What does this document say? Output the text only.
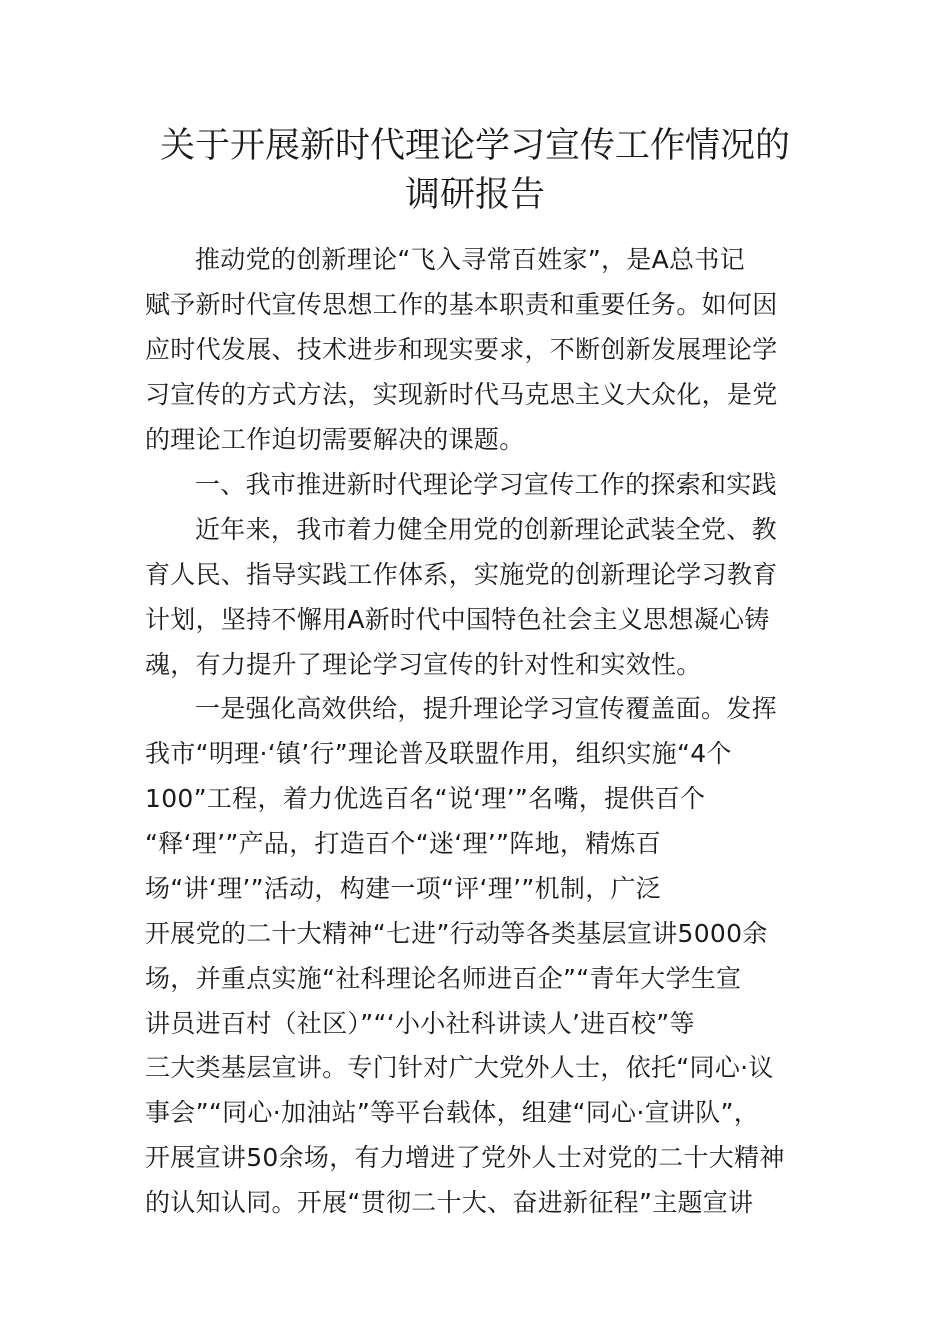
关于开展新时代理论学习宣传工作情况的
调研报告

推动党的创新理论“飞入寻常百姓家”，是A总书记

赋予新时代宣传思想工作的基本职责和重要任务。如何因

应时代发展、技术进步和现实要求，不断创新发展理论学

习宣传的方式方法，实现新时代马克思主义大众化，是党

的理论工作迫切需要解决的课题。

一、我市推进新时代理论学习宣传工作的探索和实践

近年来，我市着力健全用党的创新理论武装全党、教

育人民、指导实践工作体系，实施党的创新理论学习教育

计划，坚持不懈用A新时代中国特色社会主义思想凝心铸

魂，有力提升了理论学习宣传的针对性和实效性。

一是强化高效供给，提升理论学习宣传覆盖面。发挥

我市“明理·‘镇’行”理论普及联盟作用，组织实施“4个

100”工程，着力优选百名“说‘理’”名嘴，提供百个

“释‘理’”产品，打造百个“迷‘理’”阵地，精炼百

场“讲‘理’”活动，构建一项“评‘理’”机制，广泛

开展党的二十大精神“七进”行动等各类基层宣讲5000余

场，并重点实施“社科理论名师进百企”“青年大学生宣

讲员进百村（社区）”“‘小小社科讲读人’进百校”等

三大类基层宣讲。专门针对广大党外人士，依托“同心·议

事会”“同心·加油站”等平台载体，组建“同心·宣讲队”，

开展宣讲50余场，有力增进了党外人士对党的二十大精神

的认知认同。开展“贯彻二十大、奋进新征程”主题宣讲
